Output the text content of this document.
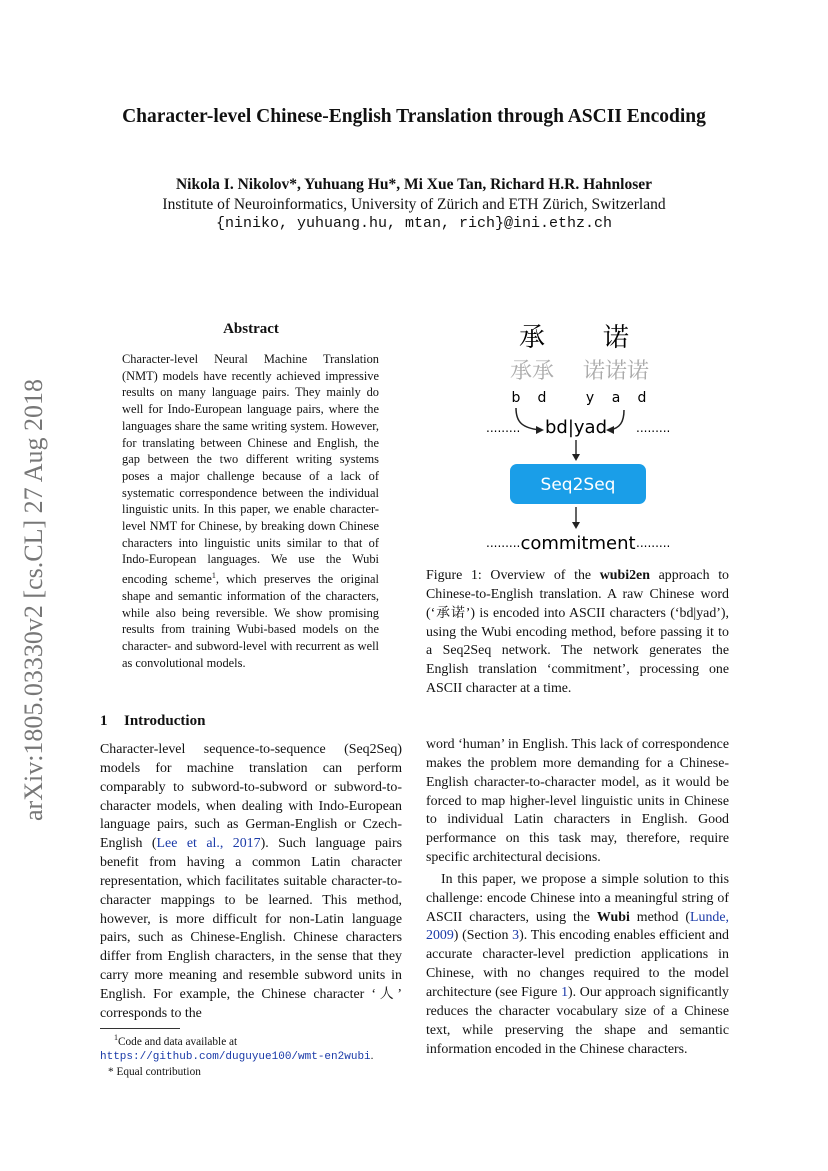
Character-level Chinese-English Translation through ASCII Encoding
Nikola I. Nikolov*, Yuhuang Hu*, Mi Xue Tan, Richard H.R. Hahnloser
Institute of Neuroinformatics, University of Zürich and ETH Zürich, Switzerland
{niniko, yuhuang.hu, mtan, rich}@ini.ethz.ch
arXiv:1805.03330v2 [cs.CL] 27 Aug 2018
Abstract
Character-level Neural Machine Translation (NMT) models have recently achieved impressive results on many language pairs. They mainly do well for Indo-European language pairs, where the languages share the same writing system. However, for translating between Chinese and English, the gap between the two different writing systems poses a major challenge because of a lack of systematic correspondence between the individual linguistic units. In this paper, we enable character-level NMT for Chinese, by breaking down Chinese characters into linguistic units similar to that of Indo-European languages. We use the Wubi encoding scheme$^1$, which preserves the original shape and semantic information of the characters, while also being reversible. We show promising results from training Wubi-based models on the character- and subword-level with recurrent as well as convolutional models.
1 Introduction
Character-level sequence-to-sequence (Seq2Seq) models for machine translation can perform comparably to subword-to-subword or subword-to-character models, when dealing with Indo-European language pairs, such as German-English or Czech-English (Lee et al., 2017). Such language pairs benefit from having a common Latin character representation, which facilitates suitable character-to-character mappings to be learned. This method, however, is more difficult for non-Latin language pairs, such as Chinese-English. Chinese characters differ from English characters, in the sense that they carry more meaning and resemble subword units in English. For example, the Chinese character ‘人’ corresponds to the
$^1$Code and data available at https://github.com/duguyue100/wmt-en2wubi.
* Equal contribution
承 诺
承承 诺诺诺
b d	y a d
......... bd|yad .........
Seq2Seq
......... commitment .........
Figure 1: Overview of the wubi2en approach to Chinese-to-English translation. A raw Chinese word (‘承诺’) is encoded into ASCII characters (‘bd|yad’), using the Wubi encoding method, before passing it to a Seq2Seq network. The network generates the English translation ‘commitment’, processing one ASCII character at a time.

word ‘human’ in English. This lack of correspondence makes the problem more demanding for a Chinese-English character-to-character model, as it would be forced to map higher-level linguistic units in Chinese to individual Latin characters in English. Good performance on this task may, therefore, require specific architectural decisions.

In this paper, we propose a simple solution to this challenge: encode Chinese into a meaningful string of ASCII characters, using the Wubi method (Lunde, 2009) (Section 3). This encoding enables efficient and accurate character-level prediction applications in Chinese, with no changes required to the model architecture (see Figure 1). Our approach significantly reduces the character vocabulary size of a Chinese text, while preserving the shape and semantic information encoded in the Chinese characters.
